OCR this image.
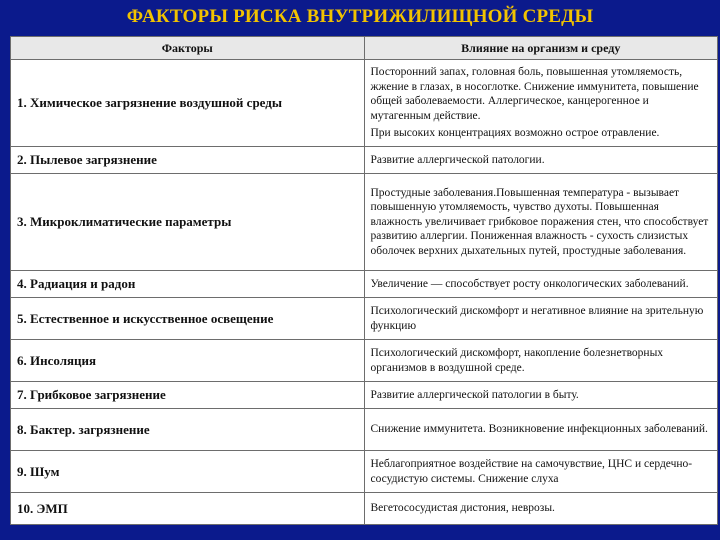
ФАКТОРЫ РИСКА ВНУТРИЖИЛИЩНОЙ СРЕДЫ
Факторы	Влияние на организм и среду
1. Химическое загрязнение воздушной среды	Посторонний запах, головная боль, повышенная утомляемость, жжение в глазах, в носоглотке. Снижение иммунитета, повышение общей заболеваемости. Аллергическое, канцерогенное и мутагенным действие.

При высоких концентрациях возможно острое отравление.

2. Пылевое загрязнение	Развитие аллергической патологии.

3. Микроклиматические параметры	Простудные заболевания.Повышенная температура - вызывает повышенную утомляемость, чувство духоты. Повышенная влажность увеличивает грибковое поражения стен, что способствует развитию аллергии. Пониженная влажность - сухость слизистых оболочек верхних дыхательных путей, простудные заболевания.

4. Радиация и радон	Увеличение — способствует росту онкологических заболеваний.

5. Естественное и искусственное освещение	Психологический дискомфорт и негативное влияние на зрительную функцию

6. Инсоляция	Психологический дискомфорт, накопление болезнетворных организмов в воздушной среде.

7. Грибковое загрязнение	Развитие аллергической патологии в быту.

8. Бактер. загрязнение	Снижение иммунитета. Возникновение инфекционных заболеваний.

9. Шум	Неблагоприятное воздействие на самочувствие, ЦНС и сердечно-сосудистую системы. Снижение слуха

10. ЭМП	Вегетососудистая дистония, неврозы.
